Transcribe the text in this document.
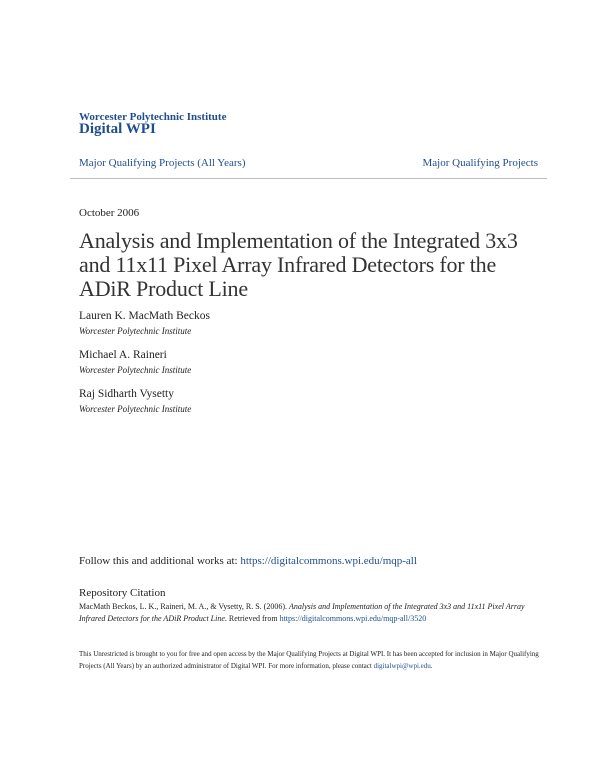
Worcester Polytechnic Institute
Digital WPI
Major Qualifying Projects (All Years)	Major Qualifying Projects
October 2006
Analysis and Implementation of the Integrated 3x3 and 11x11 Pixel Array Infrared Detectors for the ADiR Product Line
Lauren K. MacMath Beckos
Worcester Polytechnic Institute
Michael A. Raineri
Worcester Polytechnic Institute
Raj Sidharth Vysetty
Worcester Polytechnic Institute
Follow this and additional works at: https://digitalcommons.wpi.edu/mqp-all
Repository Citation
MacMath Beckos, L. K., Raineri, M. A., & Vysetty, R. S. (2006). Analysis and Implementation of the Integrated 3x3 and 11x11 Pixel Array Infrared Detectors for the ADiR Product Line. Retrieved from https://digitalcommons.wpi.edu/mqp-all/3520
This Unrestricted is brought to you for free and open access by the Major Qualifying Projects at Digital WPI. It has been accepted for inclusion in Major Qualifying Projects (All Years) by an authorized administrator of Digital WPI. For more information, please contact digitalwpi@wpi.edu.
